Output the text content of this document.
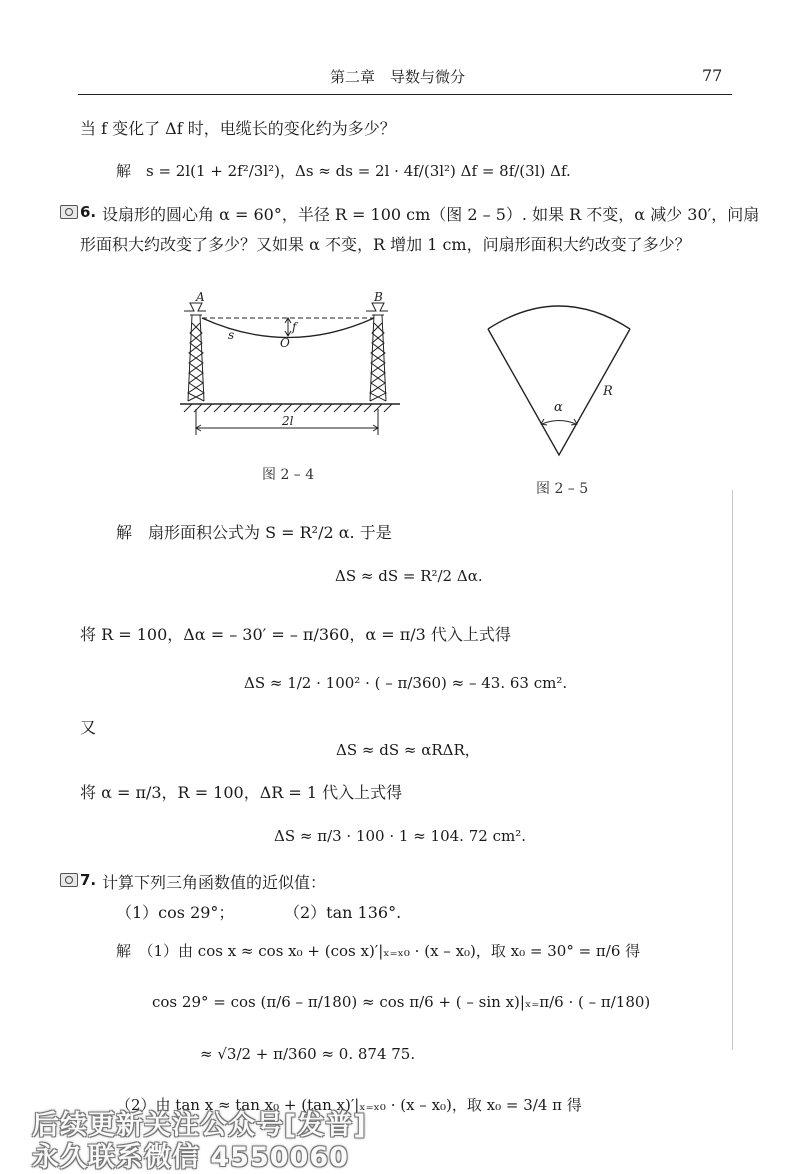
第二章　导数与微分	77
当 f 变化了 Δf 时，电缆长的变化约为多少？
解　s = 2l(1 + 2f²/3l²)，Δs ≈ ds = 2l · 4f/(3l²) Δf = 8f/(3l) Δf.
6. 设扇形的圆心角 α = 60°，半径 R = 100 cm（图 2 – 5）. 如果 R 不变，α 减少 30′，问扇
形面积大约改变了多少？又如果 α 不变，R 增加 1 cm，问扇形面积大约改变了多少？
A	B
f
s
O
2l
图 2 – 4
α
R
图 2 – 5
解　扇形面积公式为 S = R²/2 α. 于是
ΔS ≈ dS = R²/2 Δα.
将 R = 100，Δα = – 30′ = – π/360，α = π/3 代入上式得
ΔS ≈ 1/2 · 100² · ( – π/360) ≈ – 43. 63 cm².
又
ΔS ≈ dS ≈ αRΔR，
将 α = π/3，R = 100，ΔR = 1 代入上式得
ΔS ≈ π/3 · 100 · 1 ≈ 104. 72 cm².
7. 计算下列三角函数值的近似值：
（1）cos 29°；	（2）tan 136°.
解　（1）由 cos x ≈ cos x₀ + (cos x)′|ₓ₌ₓ₀ · (x – x₀)，取 x₀ = 30° = π/6 得
cos 29° = cos (π/6 – π/180) ≈ cos π/6 + ( – sin x)|ₓ₌π/6 · ( – π/180)
≈ √3/2 + π/360 ≈ 0. 874 75.
（2）由 tan x ≈ tan x₀ + (tan x)′|ₓ₌ₓ₀ · (x – x₀)，取 x₀ = 3/4 π 得
后续更新关注公众号[发普]
永久联系微信 4550060
